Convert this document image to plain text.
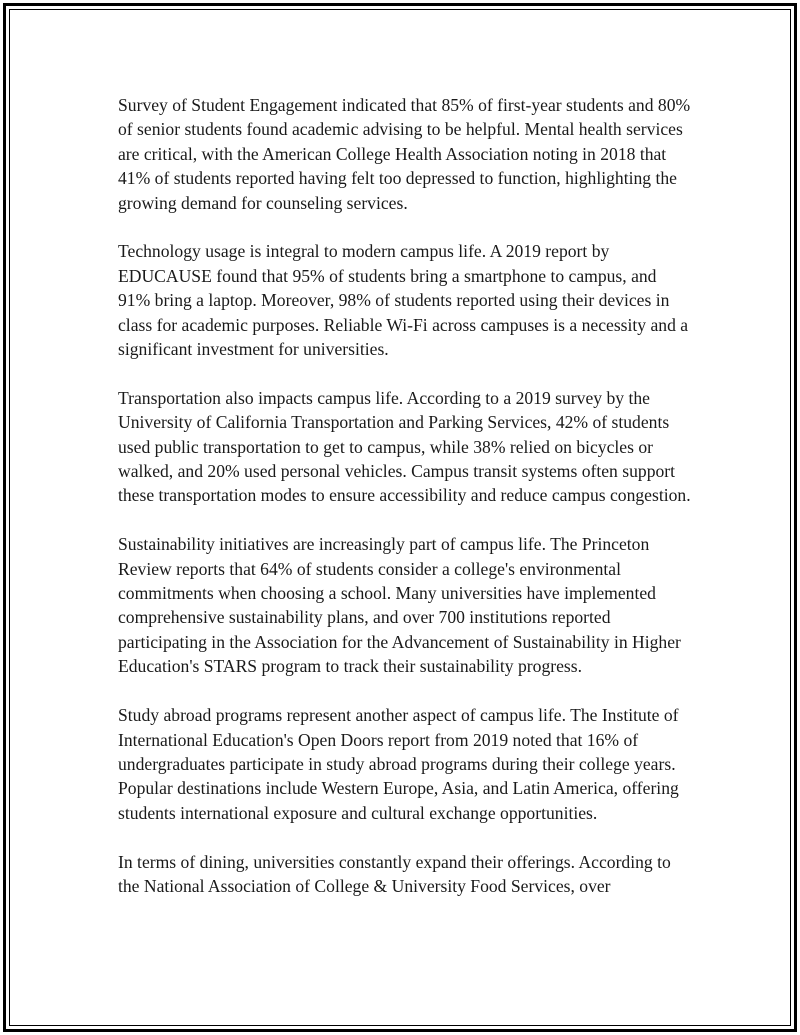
Survey of Student Engagement indicated that 85% of first-year students and 80% of senior students found academic advising to be helpful. Mental health services are critical, with the American College Health Association noting in 2018 that 41% of students reported having felt too depressed to function, highlighting the growing demand for counseling services.

Technology usage is integral to modern campus life. A 2019 report by EDUCAUSE found that 95% of students bring a smartphone to campus, and 91% bring a laptop. Moreover, 98% of students reported using their devices in class for academic purposes. Reliable Wi-Fi across campuses is a necessity and a significant investment for universities.

Transportation also impacts campus life. According to a 2019 survey by the University of California Transportation and Parking Services, 42% of students used public transportation to get to campus, while 38% relied on bicycles or walked, and 20% used personal vehicles. Campus transit systems often support these transportation modes to ensure accessibility and reduce campus congestion.

Sustainability initiatives are increasingly part of campus life. The Princeton Review reports that 64% of students consider a college's environmental commitments when choosing a school. Many universities have implemented comprehensive sustainability plans, and over 700 institutions reported participating in the Association for the Advancement of Sustainability in Higher Education's STARS program to track their sustainability progress.

Study abroad programs represent another aspect of campus life. The Institute of International Education's Open Doors report from 2019 noted that 16% of undergraduates participate in study abroad programs during their college years. Popular destinations include Western Europe, Asia, and Latin America, offering students international exposure and cultural exchange opportunities.

In terms of dining, universities constantly expand their offerings. According to the National Association of College & University Food Services, over
